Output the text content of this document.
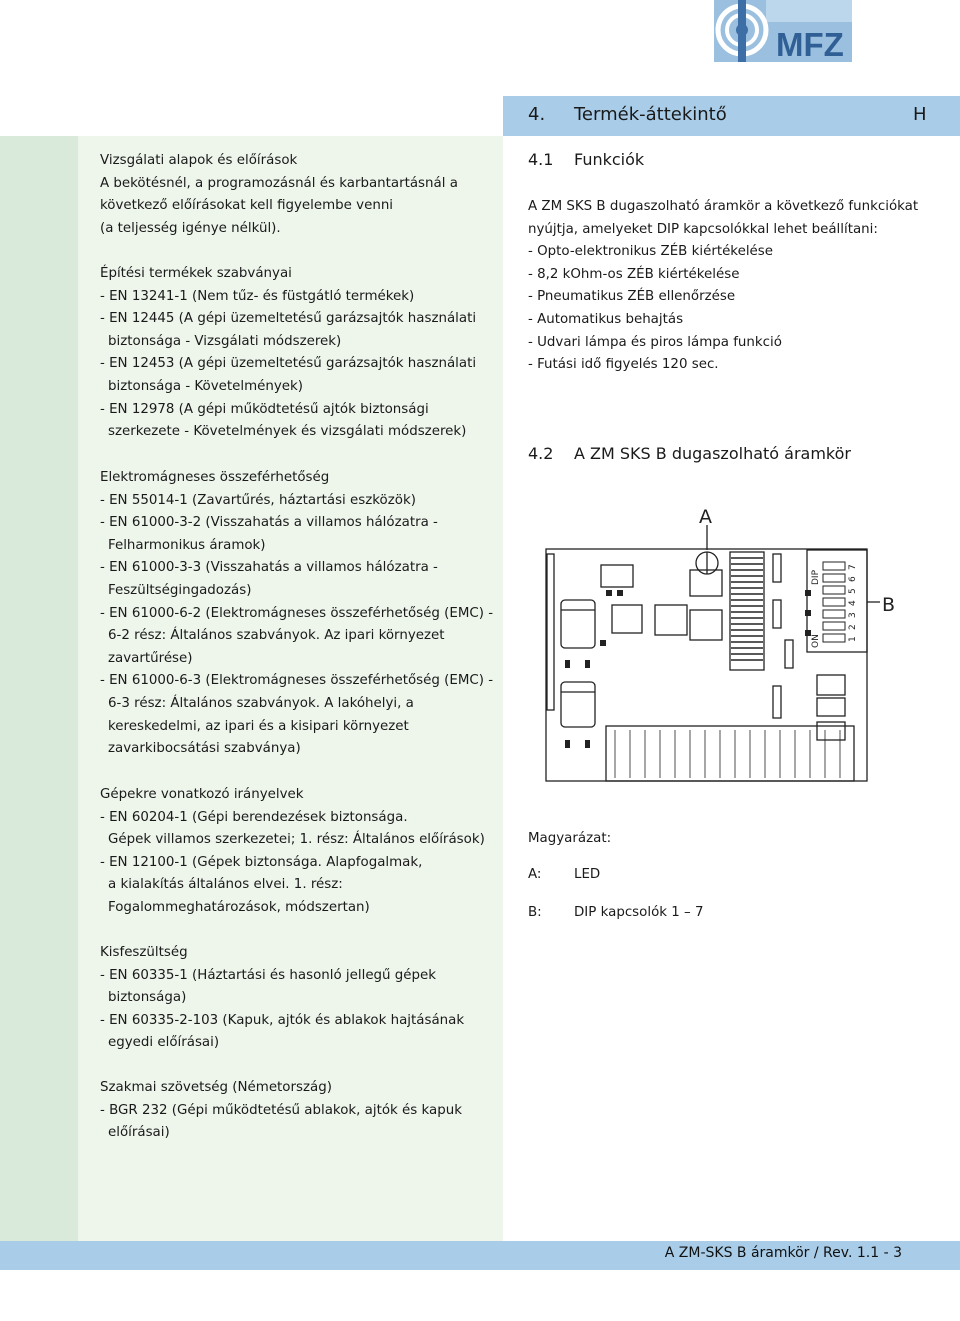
MFZ
4. Termék-áttekintő	H

Vizsgálati alapok és előírások

A bekötésnél, a programozásnál és karbantartásnál a

következő előírásokat kell figyelembe venni

(a teljesség igénye nélkül).

Építési termékek szabványai

- EN 13241-1 (Nem tűz- és füstgátló termékek)

- EN 12445 (A gépi üzemeltetésű garázsajtók használati

biztonsága - Vizsgálati módszerek)

- EN 12453 (A gépi üzemeltetésű garázsajtók használati

biztonsága - Követelmények)

- EN 12978 (A gépi működtetésű ajtók biztonsági

szerkezete - Követelmények és vizsgálati módszerek)

Elektromágneses összeférhetőség

- EN 55014-1 (Zavartűrés, háztartási eszközök)

- EN 61000-3-2 (Visszahatás a villamos hálózatra -

Felharmonikus áramok)

- EN 61000-3-3 (Visszahatás a villamos hálózatra -

Feszültségingadozás)

- EN 61000-6-2 (Elektromágneses összeférhetőség (EMC) -

6-2 rész: Általános szabványok. Az ipari környezet

zavartűrése)

- EN 61000-6-3 (Elektromágneses összeférhetőség (EMC) -

6-3 rész: Általános szabványok. A lakóhelyi, a

kereskedelmi, az ipari és a kisipari környezet

zavarkibocsátási szabványa)

Gépekre vonatkozó irányelvek

- EN 60204-1 (Gépi berendezések biztonsága.

Gépek villamos szerkezetei; 1. rész: Általános előírások)

- EN 12100-1 (Gépek biztonsága. Alapfogalmak,

a kialakítás általános elvei. 1. rész:

Fogalommeghatározások, módszertan)

Kisfeszültség

- EN 60335-1 (Háztartási és hasonló jellegű gépek

biztonsága)

- EN 60335-2-103 (Kapuk, ajtók és ablakok hajtásának

egyedi előírásai)

Szakmai szövetség (Németország)

- BGR 232 (Gépi működtetésű ablakok, ajtók és kapuk

előírásai)

4.1 Funkciók

A ZM SKS B dugaszolható áramkör a következő funkciókat

nyújtja, amelyeket DIP kapcsolókkal lehet beállítani:

- Opto-elektronikus ZÉB kiértékelése

- 8,2 kOhm-os ZÉB kiértékelése

- Pneumatikus ZÉB ellenőrzése

- Automatikus behajtás

- Udvari lámpa és piros lámpa funkció

- Futási idő figyelés 120 sec.

4.2 A ZM SKS B dugaszolható áramkör
DIP
ON
7
6
5
4
3
2
1
A
B
Magyarázat:
A: LED
B: DIP kapcsolók 1 – 7
A ZM-SKS B áramkör / Rev. 1.1 - 3
